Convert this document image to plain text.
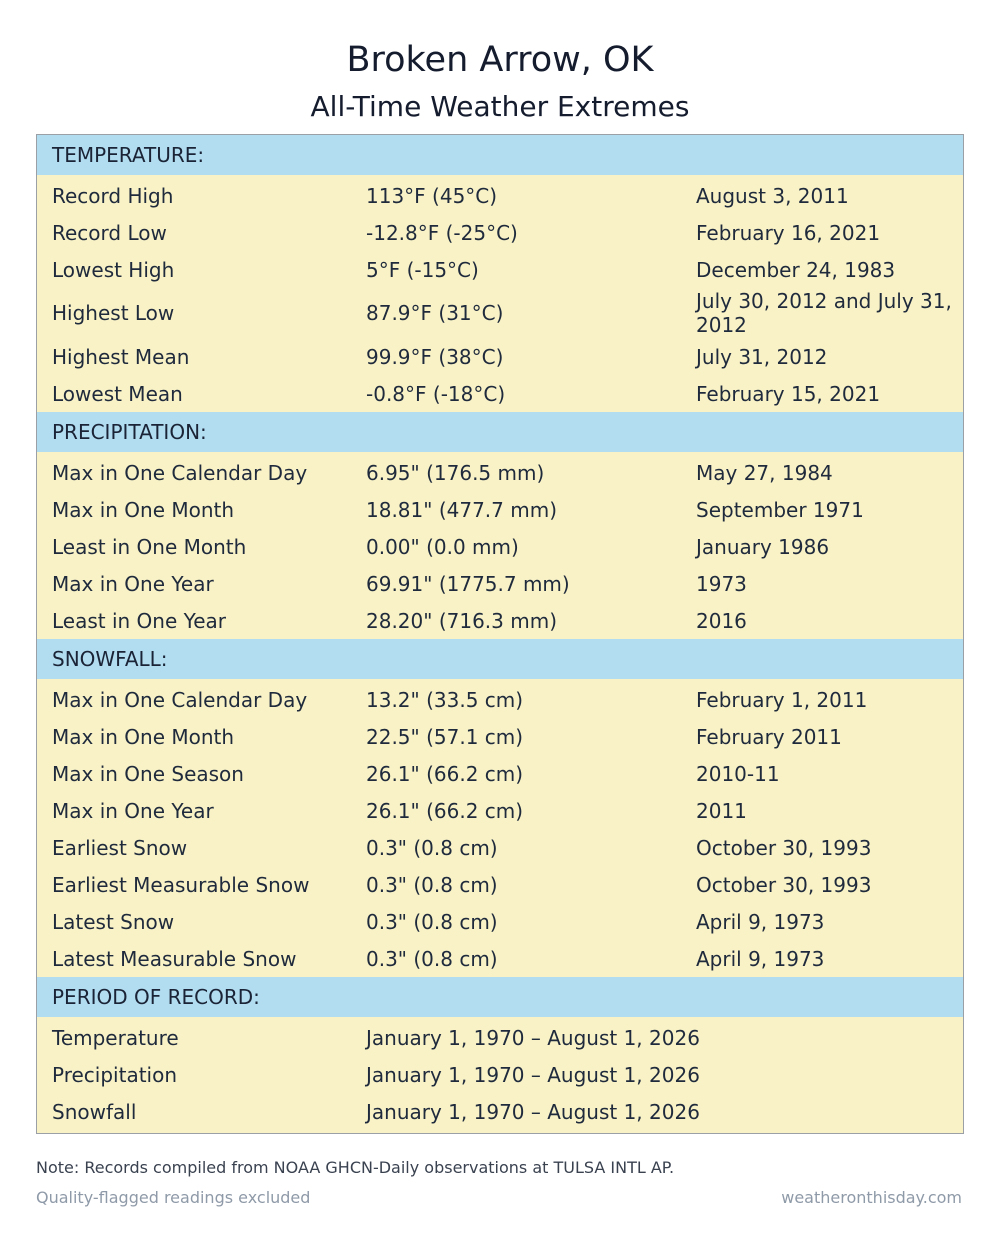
Broken Arrow, OK
All-Time Weather Extremes
TEMPERATURE:
Record High	113°F (45°C)	August 3, 2011
Record Low	-12.8°F (-25°C)	February 16, 2021
Lowest High	5°F (-15°C)	December 24, 1983
Highest Low	87.9°F (31°C)	July 30, 2012 and July 31, 2012
Highest Mean	99.9°F (38°C)	July 31, 2012
Lowest Mean	-0.8°F (-18°C)	February 15, 2021
PRECIPITATION:
Max in One Calendar Day	6.95" (176.5 mm)	May 27, 1984
Max in One Month	18.81" (477.7 mm)	September 1971
Least in One Month	0.00" (0.0 mm)	January 1986
Max in One Year	69.91" (1775.7 mm)	1973
Least in One Year	28.20" (716.3 mm)	2016
SNOWFALL:
Max in One Calendar Day	13.2" (33.5 cm)	February 1, 2011
Max in One Month	22.5" (57.1 cm)	February 2011
Max in One Season	26.1" (66.2 cm)	2010-11
Max in One Year	26.1" (66.2 cm)	2011
Earliest Snow	0.3" (0.8 cm)	October 30, 1993
Earliest Measurable Snow	0.3" (0.8 cm)	October 30, 1993
Latest Snow	0.3" (0.8 cm)	April 9, 1973
Latest Measurable Snow	0.3" (0.8 cm)	April 9, 1973
PERIOD OF RECORD:
Temperature	January 1, 1970 – August 1, 2026
Precipitation	January 1, 1970 – August 1, 2026
Snowfall	January 1, 1970 – August 1, 2026
Note: Records compiled from NOAA GHCN-Daily observations at TULSA INTL AP.
Quality-flagged readings excluded	weatheronthisday.com
